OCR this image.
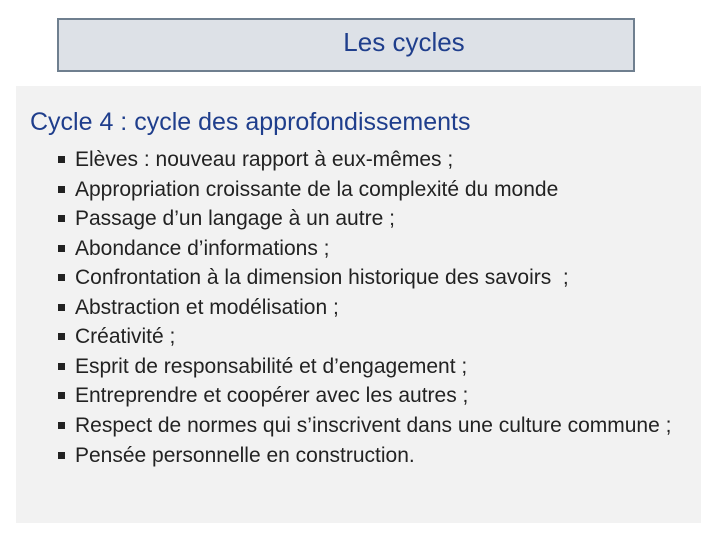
Les cycles
Cycle 4 : cycle des approfondissements
Elèves : nouveau rapport à eux-mêmes ;
Appropriation croissante de la complexité du monde
Passage d’un langage à un autre ;
Abondance d’informations ;
Confrontation à la dimension historique des savoirs  ;
Abstraction et modélisation ;
Créativité ;
Esprit de responsabilité et d’engagement ;
Entreprendre et coopérer avec les autres ;
Respect de normes qui s’inscrivent dans une culture commune ;
Pensée personnelle en construction.
